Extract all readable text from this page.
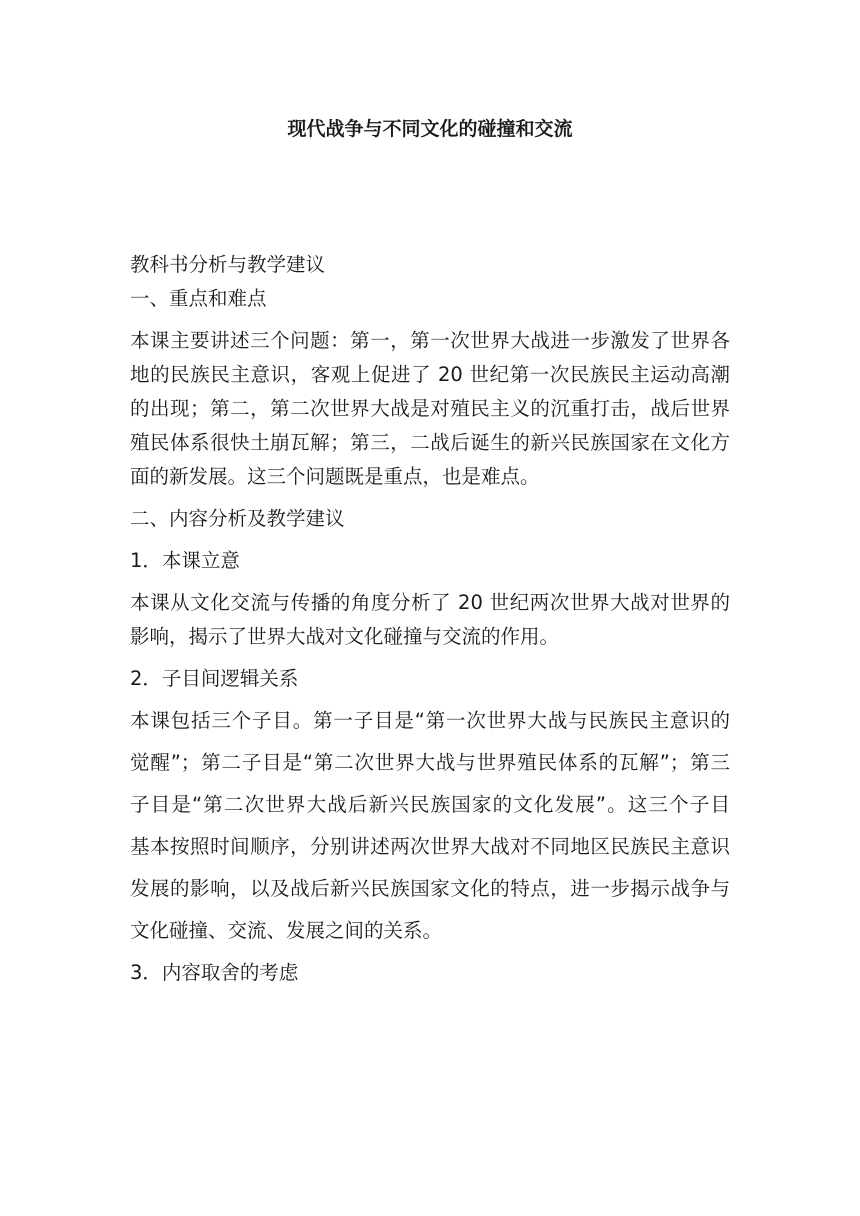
现代战争与不同文化的碰撞和交流

教科书分析与教学建议

一、重点和难点

本课主要讲述三个问题：第一，第一次世界大战进一步激发了世界各

地的民族民主意识，客观上促进了 20 世纪第一次民族民主运动高潮

的出现；第二，第二次世界大战是对殖民主义的沉重打击，战后世界

殖民体系很快土崩瓦解；第三，二战后诞生的新兴民族国家在文化方

面的新发展。这三个问题既是重点，也是难点。

二、内容分析及教学建议

1．本课立意

本课从文化交流与传播的角度分析了 20 世纪两次世界大战对世界的

影响，揭示了世界大战对文化碰撞与交流的作用。

2．子目间逻辑关系

本课包括三个子目。第一子目是“第一次世界大战与民族民主意识的

觉醒”；第二子目是“第二次世界大战与世界殖民体系的瓦解”；第三

子目是“第二次世界大战后新兴民族国家的文化发展”。这三个子目

基本按照时间顺序，分别讲述两次世界大战对不同地区民族民主意识

发展的影响，以及战后新兴民族国家文化的特点，进一步揭示战争与

文化碰撞、交流、发展之间的关系。

3．内容取舍的考虑
